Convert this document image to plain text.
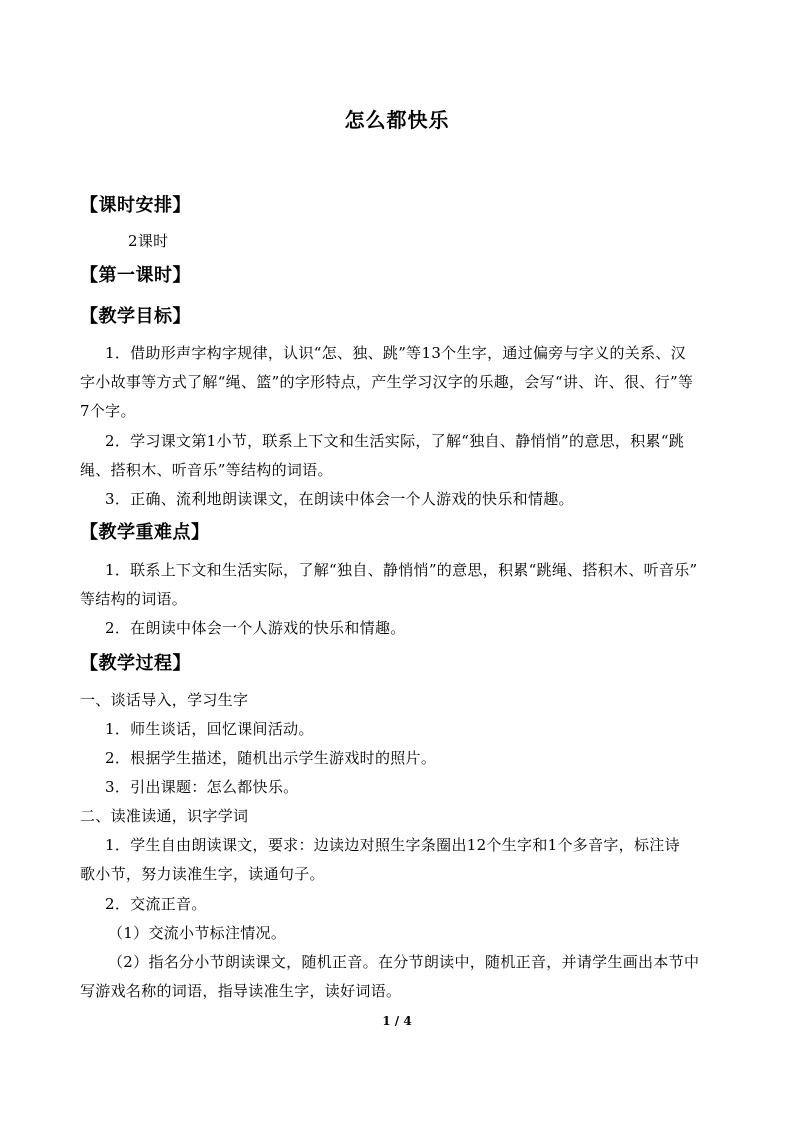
怎么都快乐
【课时安排】
2课时
【第一课时】
【教学目标】
1．借助形声字构字规律，认识“怎、独、跳”等13个生字，通过偏旁与字义的关系、汉
字小故事等方式了解“绳、篮”的字形特点，产生学习汉字的乐趣，会写“讲、许、很、行”等
7个字。
2．学习课文第1小节，联系上下文和生活实际，了解“独自、静悄悄”的意思，积累“跳
绳、搭积木、听音乐”等结构的词语。
3．正确、流利地朗读课文，在朗读中体会一个人游戏的快乐和情趣。
【教学重难点】
1．联系上下文和生活实际，了解“独自、静悄悄”的意思，积累“跳绳、搭积木、听音乐”
等结构的词语。
2．在朗读中体会一个人游戏的快乐和情趣。
【教学过程】
一、谈话导入，学习生字
1．师生谈话，回忆课间活动。
2．根据学生描述，随机出示学生游戏时的照片。
3．引出课题：怎么都快乐。
二、读准读通，识字学词
1．学生自由朗读课文，要求：边读边对照生字条圈出12个生字和1个多音字，标注诗
歌小节，努力读准生字，读通句子。
2．交流正音。
（1）交流小节标注情况。
（2）指名分小节朗读课文，随机正音。在分节朗读中，随机正音，并请学生画出本节中
写游戏名称的词语，指导读准生字，读好词语。
1 / 4
